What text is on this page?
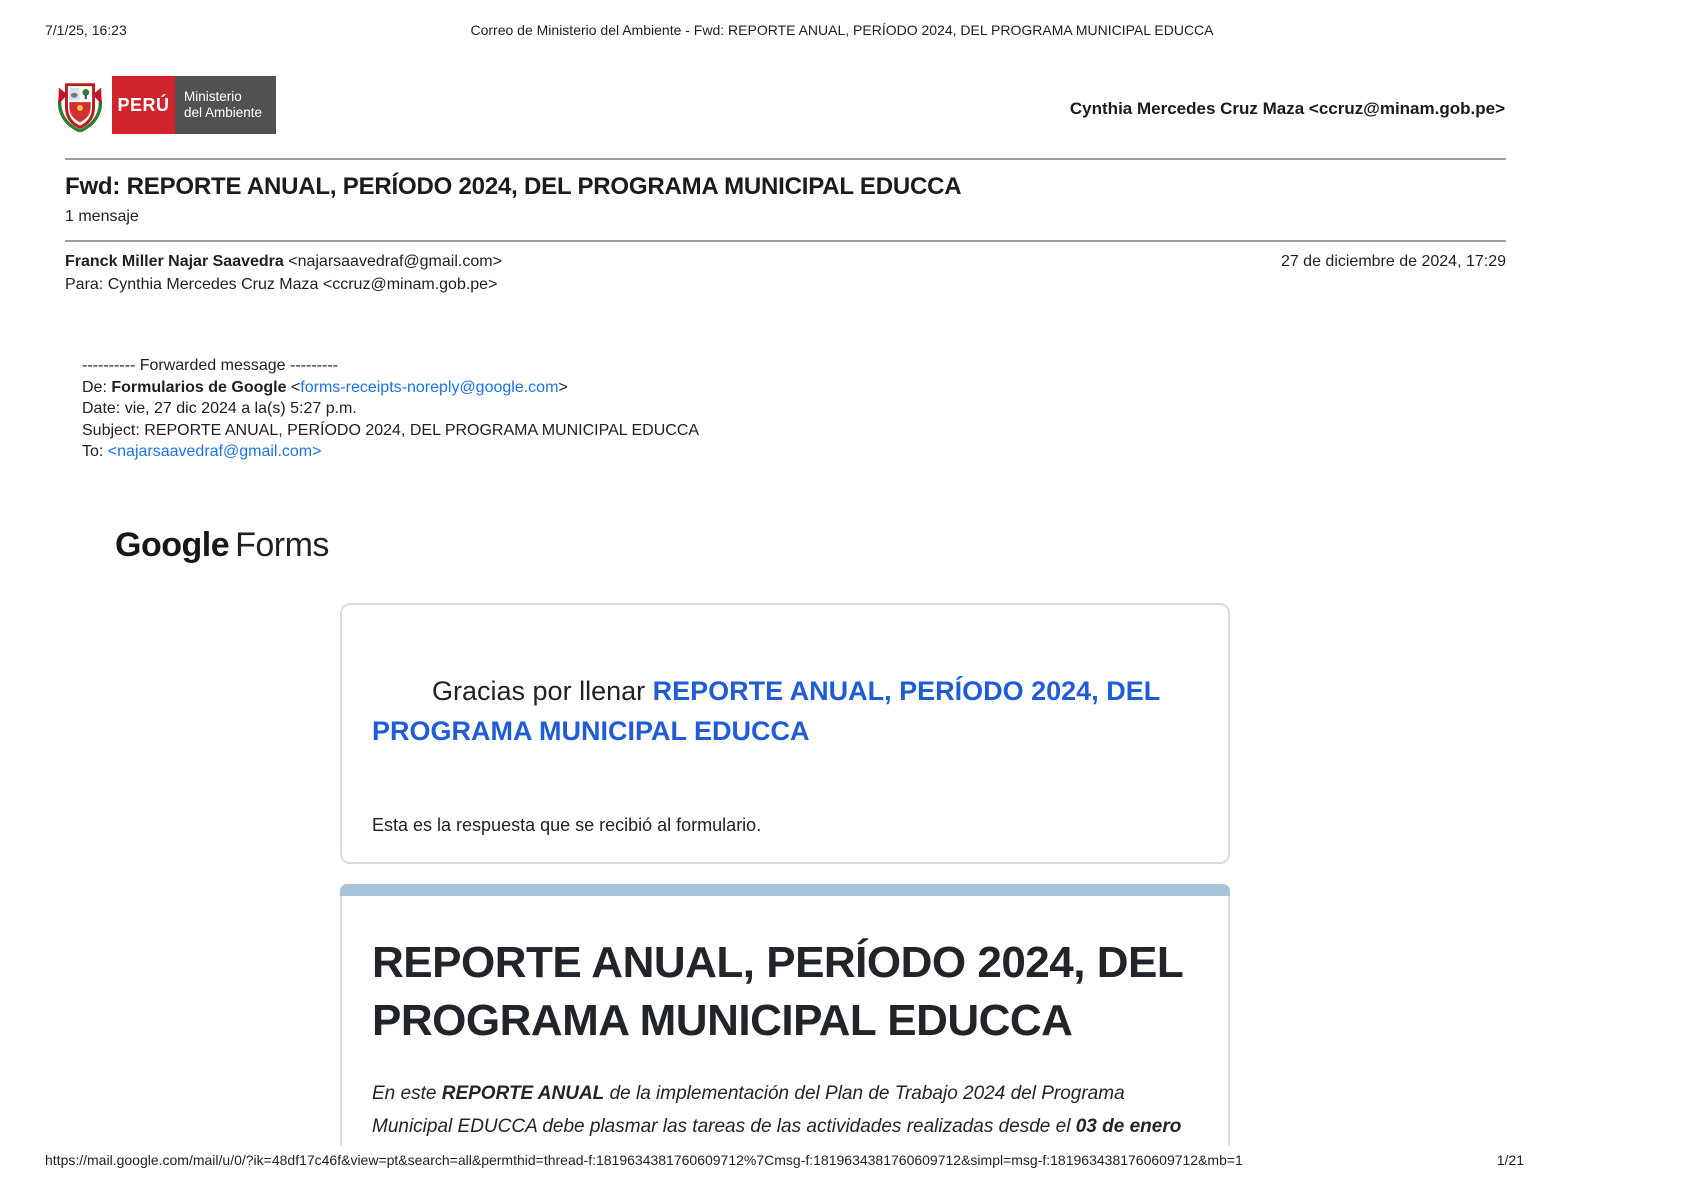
7/1/25, 16:23	Correo de Ministerio del Ambiente - Fwd: REPORTE ANUAL, PERÍODO 2024, DEL PROGRAMA MUNICIPAL EDUCCA
PERÚ Ministerio
del Ambiente	Cynthia Mercedes Cruz Maza <ccruz@minam.gob.pe>
Fwd: REPORTE ANUAL, PERÍODO 2024, DEL PROGRAMA MUNICIPAL EDUCCA
1 mensaje
Franck Miller Najar Saavedra <najarsaavedraf@gmail.com>	27 de diciembre de 2024, 17:29
Para: Cynthia Mercedes Cruz Maza <ccruz@minam.gob.pe>
---------- Forwarded message ---------
De: Formularios de Google <forms-receipts-noreply@google.com>
Date: vie, 27 dic 2024 a la(s) 5:27 p.m.
Subject: REPORTE ANUAL, PERÍODO 2024, DEL PROGRAMA MUNICIPAL EDUCCA
To: <najarsaavedraf@gmail.com>
Google Forms

Gracias por llenar REPORTE ANUAL, PERÍODO 2024, DEL PROGRAMA MUNICIPAL EDUCCA

Esta es la respuesta que se recibió al formulario.
REPORTE ANUAL, PERÍODO 2024, DEL PROGRAMA MUNICIPAL EDUCCA
En este REPORTE ANUAL de la implementación del Plan de Trabajo 2024 del Programa Municipal EDUCCA debe plasmar las tareas de las actividades realizadas desde el 03 de enero
https://mail.google.com/mail/u/0/?ik=48df17c46f&view=pt&search=all&permthid=thread-f:1819634381760609712%7Cmsg-f:1819634381760609712&simpl=msg-f:1819634381760609712&mb=1	1/21
